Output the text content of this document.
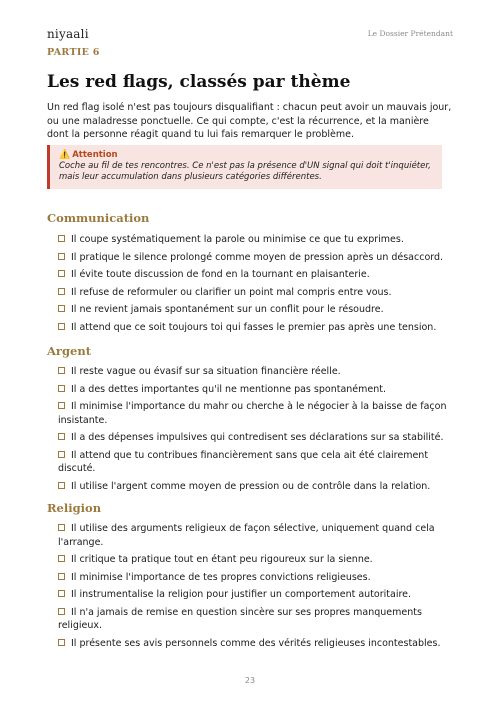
niyaali	Le Dossier Prétendant
PARTIE 6
Les red flags, classés par thème

Un red flag isolé n'est pas toujours disqualifiant : chacun peut avoir un mauvais jour, ou une maladresse ponctuelle. Ce qui compte, c'est la récurrence, et la manière dont la personne réagit quand tu lui fais remarquer le problème.

⚠️ Attention
Coche au fil de tes rencontres. Ce n'est pas la présence d'UN signal qui doit t'inquiéter, mais leur accumulation dans plusieurs catégories différentes.
Communication
Il coupe systématiquement la parole ou minimise ce que tu exprimes.
Il pratique le silence prolongé comme moyen de pression après un désaccord.
Il évite toute discussion de fond en la tournant en plaisanterie.
Il refuse de reformuler ou clarifier un point mal compris entre vous.
Il ne revient jamais spontanément sur un conflit pour le résoudre.
Il attend que ce soit toujours toi qui fasses le premier pas après une tension.
Argent
Il reste vague ou évasif sur sa situation financière réelle.
Il a des dettes importantes qu'il ne mentionne pas spontanément.
Il minimise l'importance du mahr ou cherche à le négocier à la baisse de façon insistante.
Il a des dépenses impulsives qui contredisent ses déclarations sur sa stabilité.
Il attend que tu contribues financièrement sans que cela ait été clairement discuté.
Il utilise l'argent comme moyen de pression ou de contrôle dans la relation.
Religion
Il utilise des arguments religieux de façon sélective, uniquement quand cela l'arrange.
Il critique ta pratique tout en étant peu rigoureux sur la sienne.
Il minimise l'importance de tes propres convictions religieuses.
Il instrumentalise la religion pour justifier un comportement autoritaire.
Il n'a jamais de remise en question sincère sur ses propres manquements religieux.
Il présente ses avis personnels comme des vérités religieuses incontestables.
23
